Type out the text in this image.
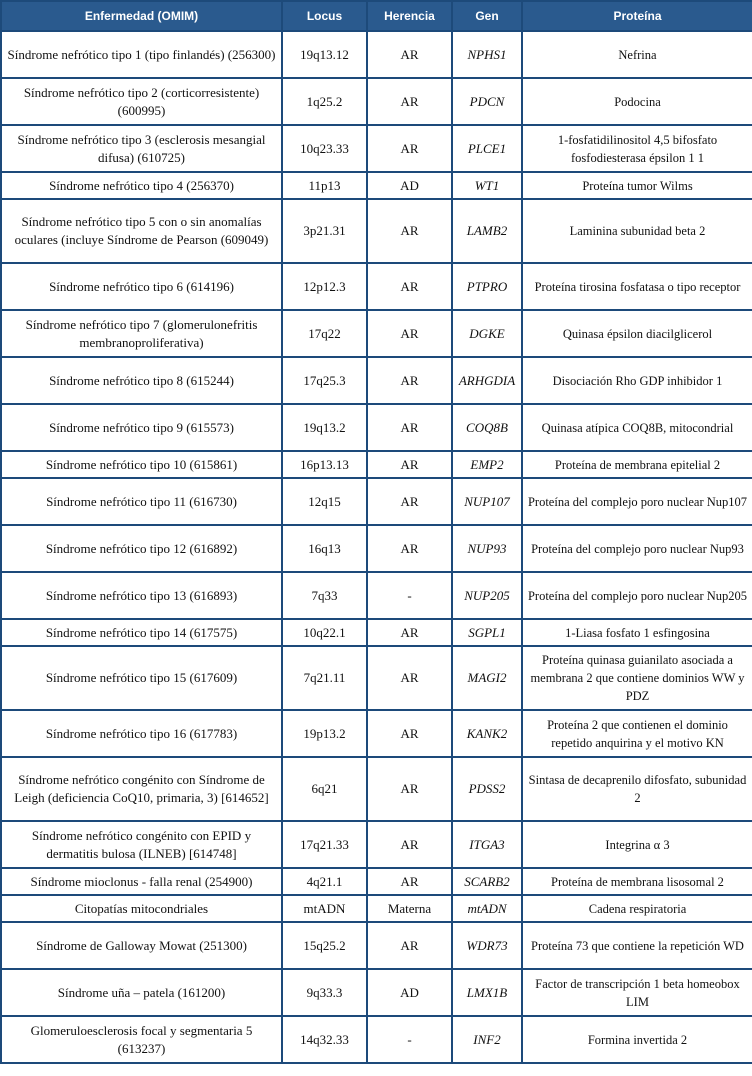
Enfermedad (OMIM)	Locus	Herencia	Gen	Proteína
Síndrome nefrótico tipo 1 (tipo finlandés) (256300)	19q13.12	AR	NPHS1	Nefrina
Síndrome nefrótico tipo 2 (corticorresistente) (600995)	1q25.2	AR	PDCN	Podocina
Síndrome nefrótico tipo 3 (esclerosis mesangial difusa) (610725)	10q23.33	AR	PLCE1	1-fosfatidilinositol 4,5 bifosfato fosfodiesterasa épsilon 1 1
Síndrome nefrótico tipo 4 (256370)	11p13	AD	WT1	Proteína tumor Wilms
Síndrome nefrótico tipo 5 con o sin anomalías oculares (incluye Síndrome de Pearson (609049)	3p21.31	AR	LAMB2	Laminina subunidad beta 2
Síndrome nefrótico tipo 6 (614196)	12p12.3	AR	PTPRO	Proteína tirosina fosfatasa o tipo receptor
Síndrome nefrótico tipo 7 (glomerulonefritis membranoproliferativa)	17q22	AR	DGKE	Quinasa épsilon diacilglicerol
Síndrome nefrótico tipo 8 (615244)	17q25.3	AR	ARHGDIA	Disociación Rho GDP inhibidor 1
Síndrome nefrótico tipo 9 (615573)	19q13.2	AR	COQ8B	Quinasa atípica COQ8B, mitocondrial
Síndrome nefrótico tipo 10 (615861)	16p13.13	AR	EMP2	Proteína de membrana epitelial 2
Síndrome nefrótico tipo 11 (616730)	12q15	AR	NUP107	Proteína del complejo poro nuclear Nup107
Síndrome nefrótico tipo 12 (616892)	16q13	AR	NUP93	Proteína del complejo poro nuclear Nup93
Síndrome nefrótico tipo 13 (616893)	7q33	-	NUP205	Proteína del complejo poro nuclear Nup205
Síndrome nefrótico tipo 14 (617575)	10q22.1	AR	SGPL1	1-Liasa fosfato 1 esfingosina
Síndrome nefrótico tipo 15 (617609)	7q21.11	AR	MAGI2	Proteína quinasa guianilato asociada a membrana 2 que contiene dominios WW y PDZ
Síndrome nefrótico tipo 16 (617783)	19p13.2	AR	KANK2	Proteína 2 que contienen el dominio repetido anquirina y el motivo KN
Síndrome nefrótico congénito con Síndrome de Leigh (deficiencia CoQ10, primaria, 3) [614652]	6q21	AR	PDSS2	Sintasa de decaprenilo difosfato, subunidad 2
Síndrome nefrótico congénito con EPID y dermatitis bulosa (ILNEB) [614748]	17q21.33	AR	ITGA3	Integrina α 3
Síndrome mioclonus - falla renal (254900)	4q21.1	AR	SCARB2	Proteína de membrana lisosomal 2
Citopatías mitocondriales	mtADN	Materna	mtADN	Cadena respiratoria
Síndrome de Galloway Mowat (251300)	15q25.2	AR	WDR73	Proteína 73 que contiene la repetición WD
Síndrome uña – patela (161200)	9q33.3	AD	LMX1B	Factor de transcripción 1 beta homeobox LIM
Glomeruloesclerosis focal y segmentaria 5 (613237)	14q32.33	-	INF2	Formina invertida 2
